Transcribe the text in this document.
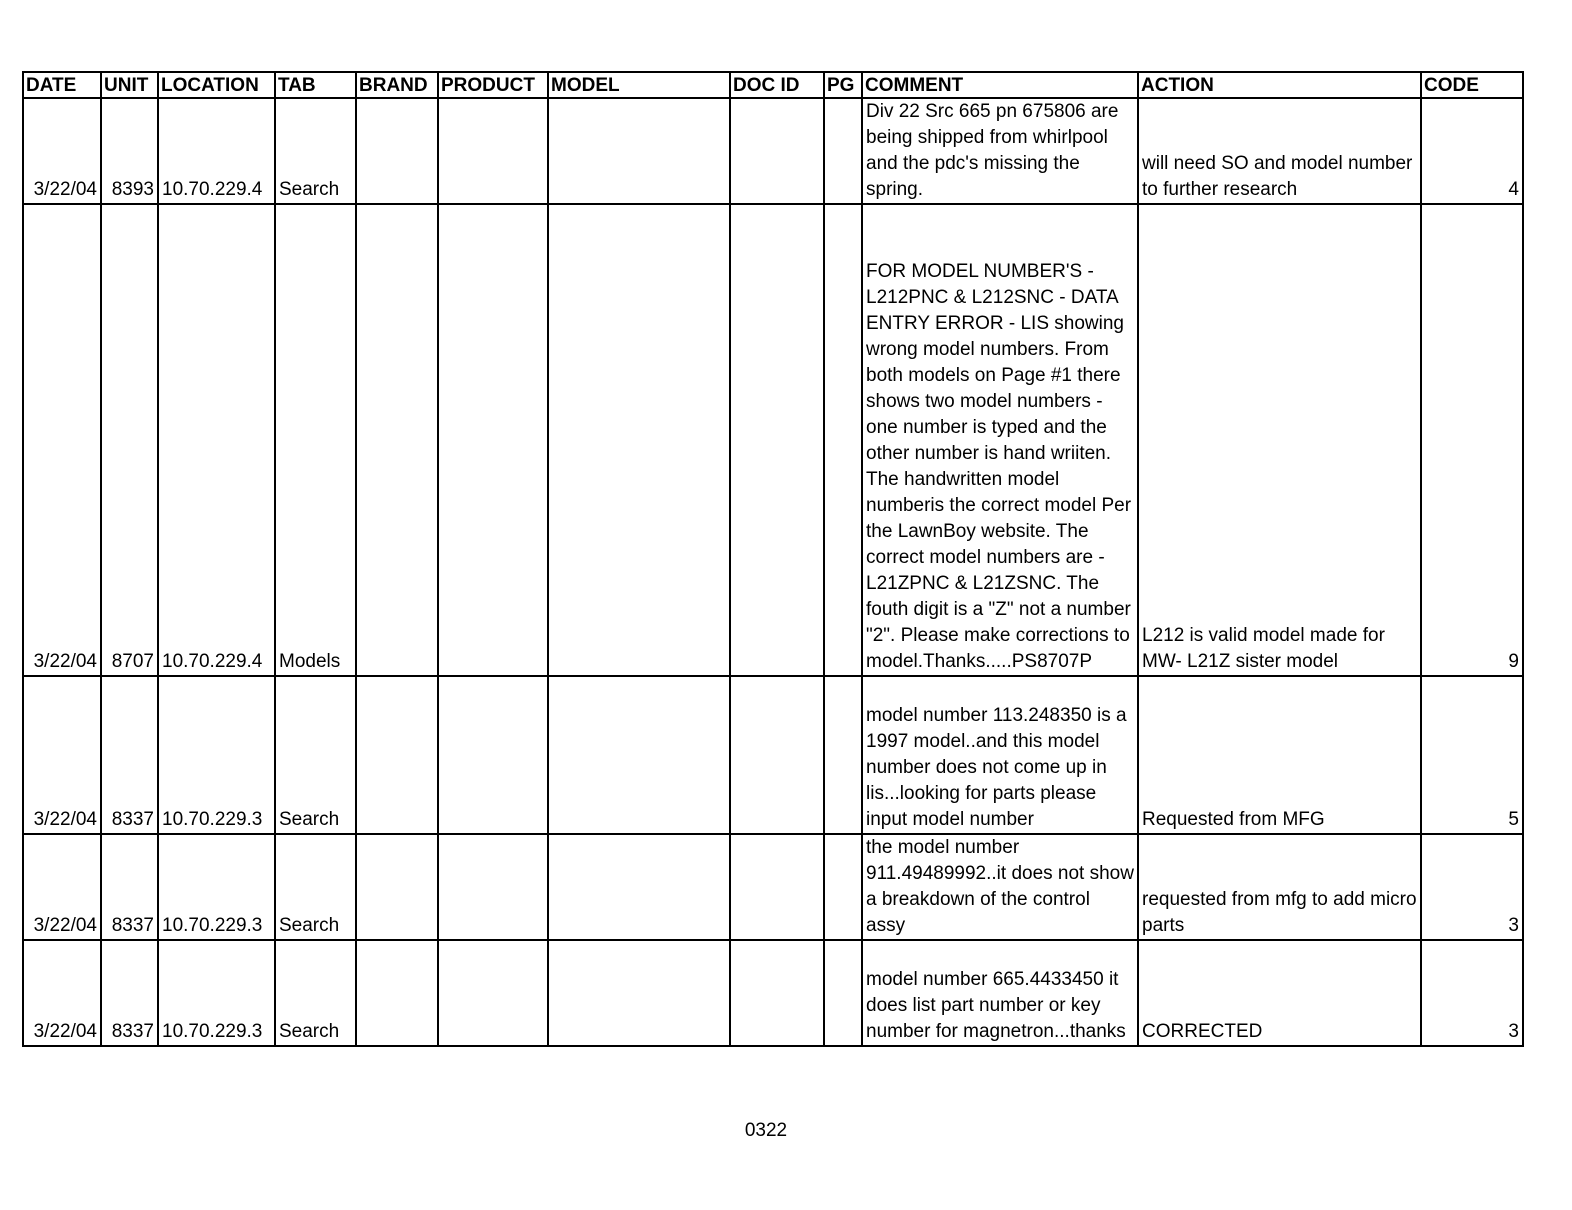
DATE	UNIT	LOCATION	TAB	BRAND	PRODUCT	MODEL	DOC ID	PG	COMMENT	ACTION	CODE
3/22/04	8393	10.70.229.4	Search						Div 22 Src 665 pn 675806 are being shipped from whirlpool and the pdc's missing the spring.	will need SO and model number to further research	4
3/22/04	8707	10.70.229.4	Models						FOR MODEL NUMBER'S - L212PNC & L212SNC - DATA ENTRY ERROR - LIS showing wrong model numbers. From both models on Page #1 there shows two model numbers - one number is typed and the other number is hand wriiten. The handwritten model numberis the correct model Per the LawnBoy website. The correct model numbers are - L21ZPNC & L21ZSNC. The fouth digit is a "Z" not a number "2". Please make corrections to model.Thanks.....PS8707P	L212 is valid model made for MW- L21Z sister model	9
3/22/04	8337	10.70.229.3	Search						model number 113.248350 is a 1997 model..and this model number does not come up in lis...looking for parts please input model number	Requested from MFG	5
3/22/04	8337	10.70.229.3	Search						the model number 911.49489992..it does not show a breakdown of the control assy	requested from mfg to add micro parts	3
3/22/04	8337	10.70.229.3	Search						model number 665.4433450 it does list part number or key number for magnetron...thanks	CORRECTED	3
0322
